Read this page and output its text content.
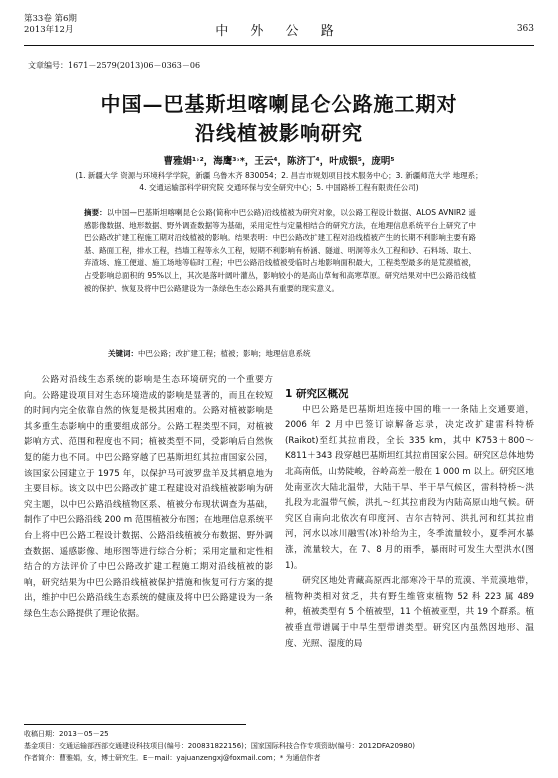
第33卷 第6期
2013年12月	中 外 公 路	363
文章编号：1671－2579(2013)06－0363－06
中国—巴基斯坦喀喇昆仑公路施工期对
沿线植被影响研究
曹雅娟¹˒²，海鹰³˒*，王云⁴，陈济丁⁴，叶成银⁵，庞明⁵
(1. 新疆大学 资源与环境科学学院，新疆 乌鲁木齐 830054；2. 昌吉市规划项目技术服务中心；3. 新疆师范大学 地理系；
4. 交通运输部科学研究院 交通环保与安全研究中心；5. 中国路桥工程有限责任公司)
摘要：以中国—巴基斯坦喀喇昆仑公路(简称中巴公路)沿线植被为研究对象，以公路工程设计数据、ALOS AVNIR2 遥感影像数据、地形数据、野外调查数据等为基础，采用定性与定量相结合的研究方法，在地理信息系统平台上研究了中巴公路改扩建工程施工期对沿线植被的影响。结果表明：中巴公路改扩建工程对沿线植被产生的长期不利影响主要有路基、路面工程，排水工程，挡墙工程等永久工程，短期不利影响有桥涵、隧道、明洞等永久工程和砂、石料场、取土、弃渣场、施工便道、施工场地等临时工程；中巴公路沿线植被受临时占地影响面积最大，工程类型最多的是荒漠植被，占受影响总面积的 95%以上，其次是落叶阔叶灌丛，影响较小的是高山草甸和高寒草原。研究结果对中巴公路沿线植被的保护、恢复及将中巴公路建设为一条绿色生态公路具有重要的现实意义。
关键词：中巴公路；改扩建工程；植被；影响；地理信息系统

公路对沿线生态系统的影响是生态环境研究的一个重要方向。公路建设项目对生态环境造成的影响是显著的，而且在较短的时间内完全依靠自然的恢复是极其困难的。公路对植被影响是其多重生态影响中的重要组成部分。公路工程类型不同，对植被影响方式、范围和程度也不同；植被类型不同，受影响后自然恢复的能力也不同。中巴公路穿越了巴基斯坦红其拉甫国家公园，该国家公园建立于 1975 年，以保护马可波罗盘羊及其栖息地为主要目标。该文以中巴公路改扩建工程建设对沿线植被影响为研究主题，以中巴公路沿线植物区系、植被分布现状调查为基础，制作了中巴公路沿线 200 m 范围植被分布图；在地理信息系统平台上将中巴公路工程设计数据、公路沿线植被分布数据、野外调查数据、遥感影像、地形图等进行综合分析；采用定量和定性相结合的方法评价了中巴公路改扩建工程施工期对沿线植被的影响，研究结果为中巴公路沿线植被保护措施和恢复可行方案的提出，维护中巴公路沿线生态系统的健康及将中巴公路建设为一条绿色生态公路提供了理论依据。

1 研究区概况

中巴公路是巴基斯坦连接中国的唯一一条陆上交通要道，2006 年 2 月中巴签订谅解备忘录，决定改扩建雷科特桥(Raikot)至红其拉甫段，全长 335 km，其中 K753＋800～K811＋343 段穿越巴基斯坦红其拉甫国家公园。研究区总体地势北高南低，山势陡峻，谷岭高差一般在 1 000 m 以上。研究区地处南亚次大陆北温带，大陆干旱、半干旱气候区，雷科特桥～洪扎段为北温带气候，洪扎～红其拉甫段为内陆高原山地气候。研究区自南向北依次有印度河、吉尔吉特河、洪扎河和红其拉甫河，河水以冰川融雪(冰)补给为主，冬季流量较小，夏季河水暴涨，流量较大，在 7、8 月的雨季，暴雨时可发生大型洪水(图 1)。

研究区地处青藏高原西北部寒冷干旱的荒漠、半荒漠地带，植物种类相对贫乏，共有野生维管束植物 52 科 223 属 489 种，植被类型有 5 个植被型，11 个植被亚型，共 19 个群系。植被垂直带谱属于中旱生型带谱类型。研究区内虽然因地形、温度、光照、湿度的局

收稿日期：2013－05－25
基金项目：交通运输部西部交通建设科技项目(编号：200831822156)；国家国际科技合作专项资助(编号：2012DFA20980)
作者简介：曹雅娟，女，博士研究生．E－mail：yajuanzengxj@foxmail.com；* 为通信作者
